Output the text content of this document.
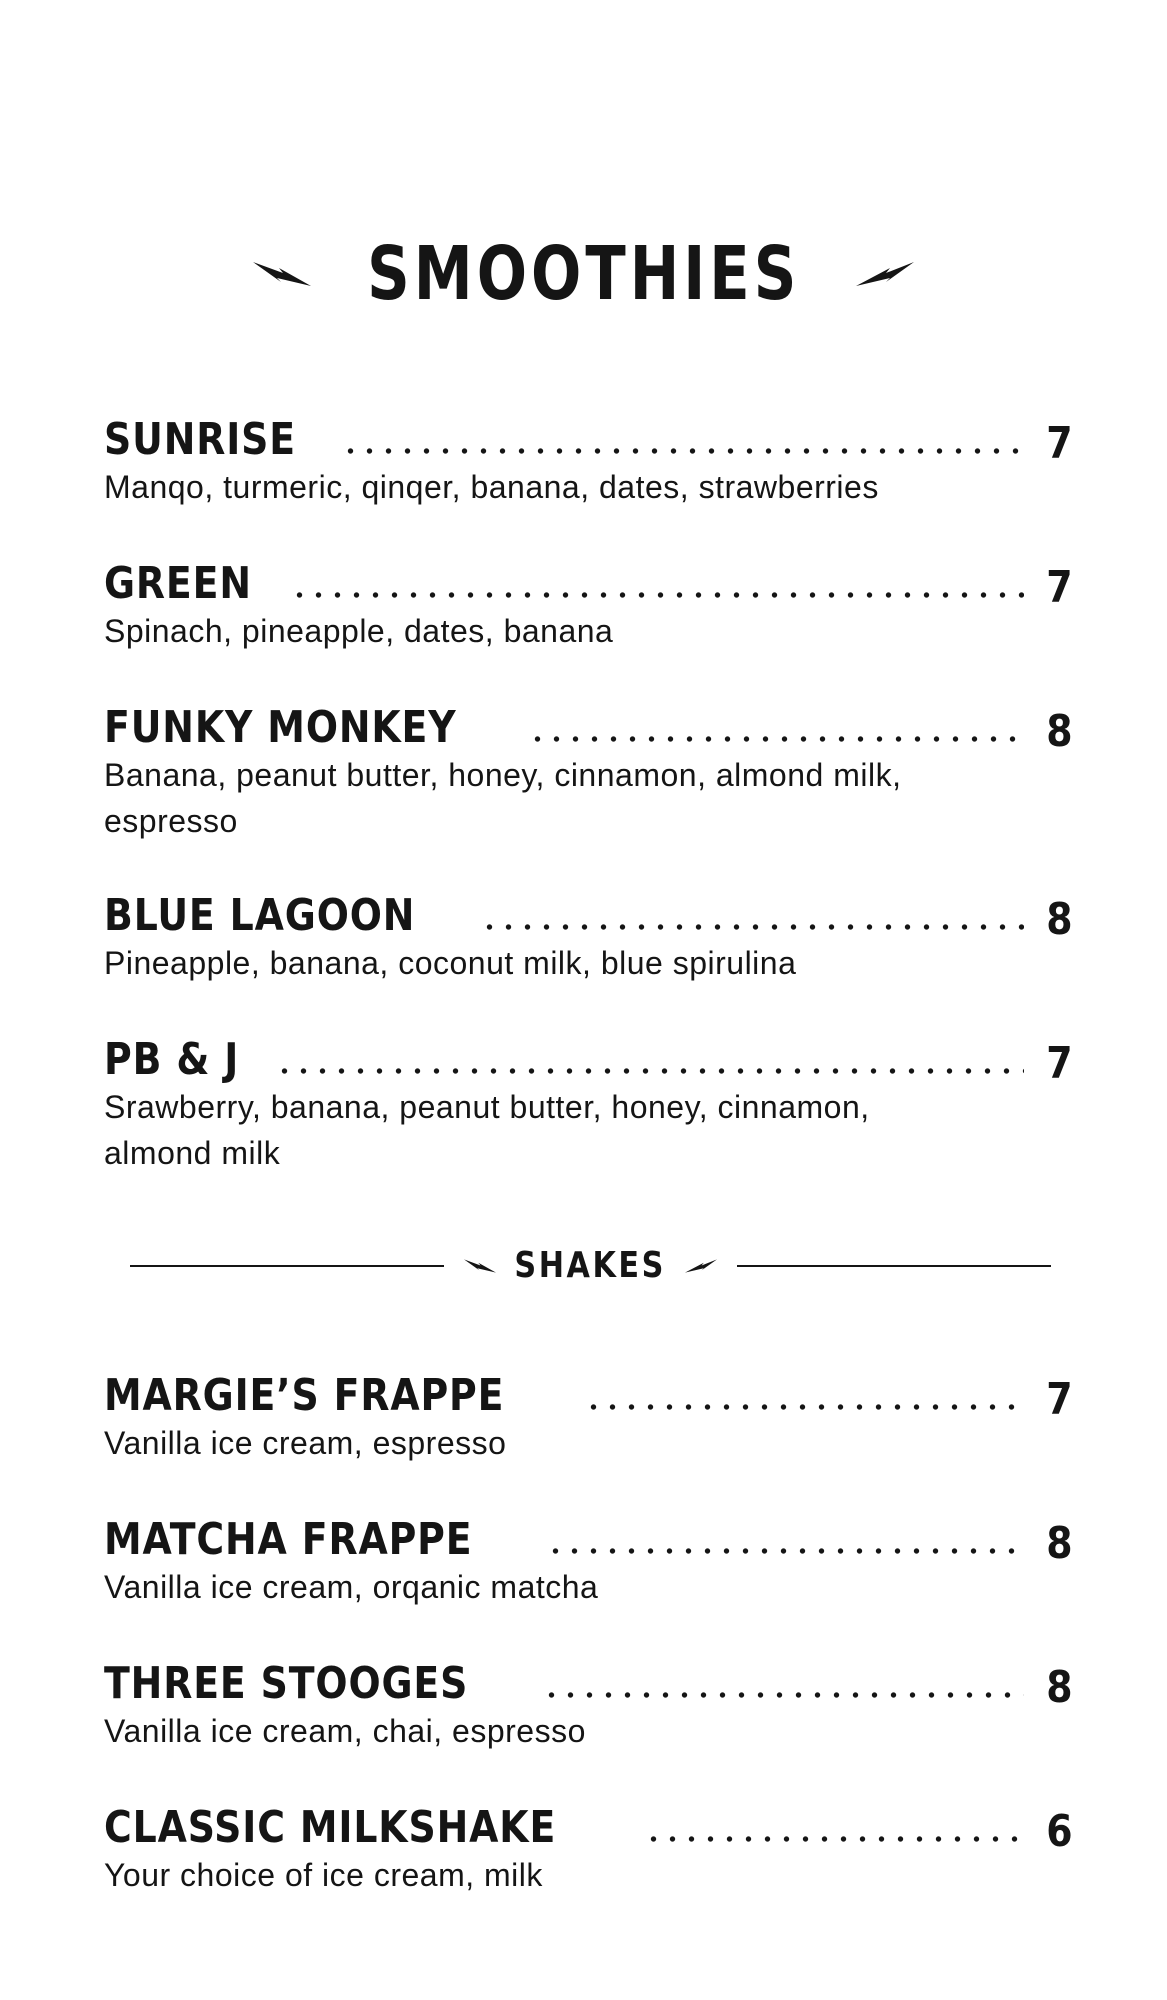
SMOOTHIES
SUNRISE	7
Manqo, turmeric, qinqer, banana, dates, strawberries
GREEN	7
Spinach, pineapple, dates, banana
FUNKY MONKEY	8
Banana, peanut butter, honey, cinnamon, almond milk, espresso
BLUE LAGOON	8
Pineapple, banana, coconut milk, blue spirulina
PB & J	7
Srawberry, banana, peanut butter, honey, cinnamon, almond milk
SHAKES
MARGIE’S FRAPPE	7
Vanilla ice cream, espresso
MATCHA FRAPPE	8
Vanilla ice cream, orqanic matcha
THREE STOOGES	8
Vanilla ice cream, chai, espresso
CLASSIC MILKSHAKE	6
Your choice of ice cream, milk
